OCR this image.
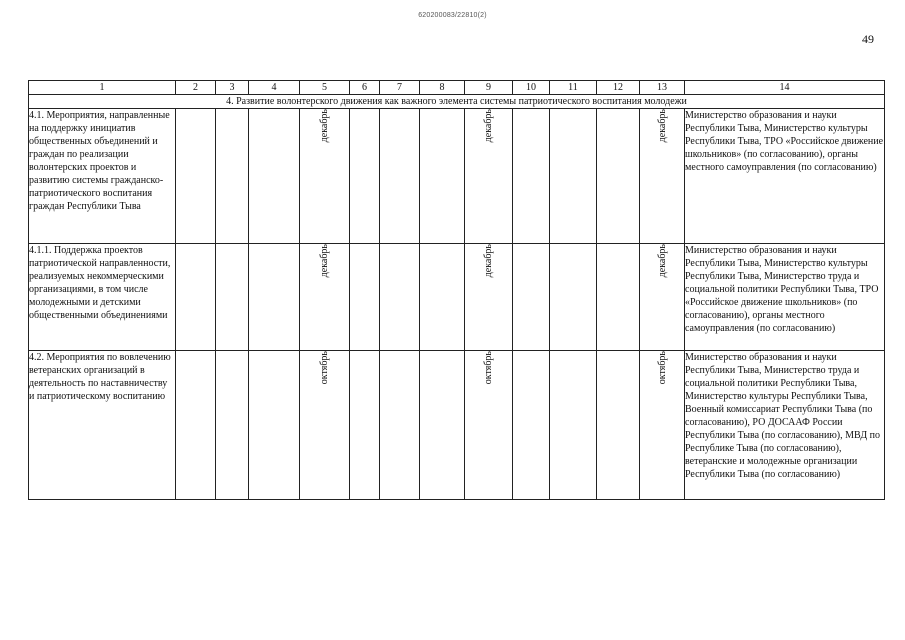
620200083/22810(2)
49
1	2	3	4	5	6	7	8	9	10	11	12	13	14
4. Развитие волонтерского движения как важного элемента системы патриотического воспитания молодежи													
4.1. Мероприятия, направленные на поддержку инициатив общественных объединений и граждан по реализации волонтерских проектов и развитию системы гражданско-патриотического воспитания граждан Республики Тыва				декабрь				декабрь				декабрь	Министерство образования и науки Республики Тыва, Министерство культуры Республики Тыва, ТРО «Российское движение школьников» (по согласованию), органы местного самоуправления (по согласованию)
4.1.1. Поддержка проектов патриотической направленности, реализуемых некоммерческими организациями, в том числе молодежными и детскими общественными объединениями				декабрь				декабрь				декабрь	Министерство образования и науки Республики Тыва, Министерство культуры Республики Тыва, Министерство труда и социальной политики Республики Тыва, ТРО «Российское движение школьников» (по согласованию), органы местного самоуправления (по согласованию)
4.2. Мероприятия по вовлечению ветеранских организаций в деятельность по наставничеству и патриотическому воспитанию				октябрь				октябрь				октябрь	Министерство образования и науки Республики Тыва, Министерство труда и социальной политики Республики Тыва, Министерство культуры Республики Тыва, Военный комиссариат Республики Тыва (по согласованию), РО ДОСААФ России Республики Тыва (по согласованию), МВД по Республике Тыва (по согласованию), ветеранские и молодежные организации Республики Тыва (по согласованию)
